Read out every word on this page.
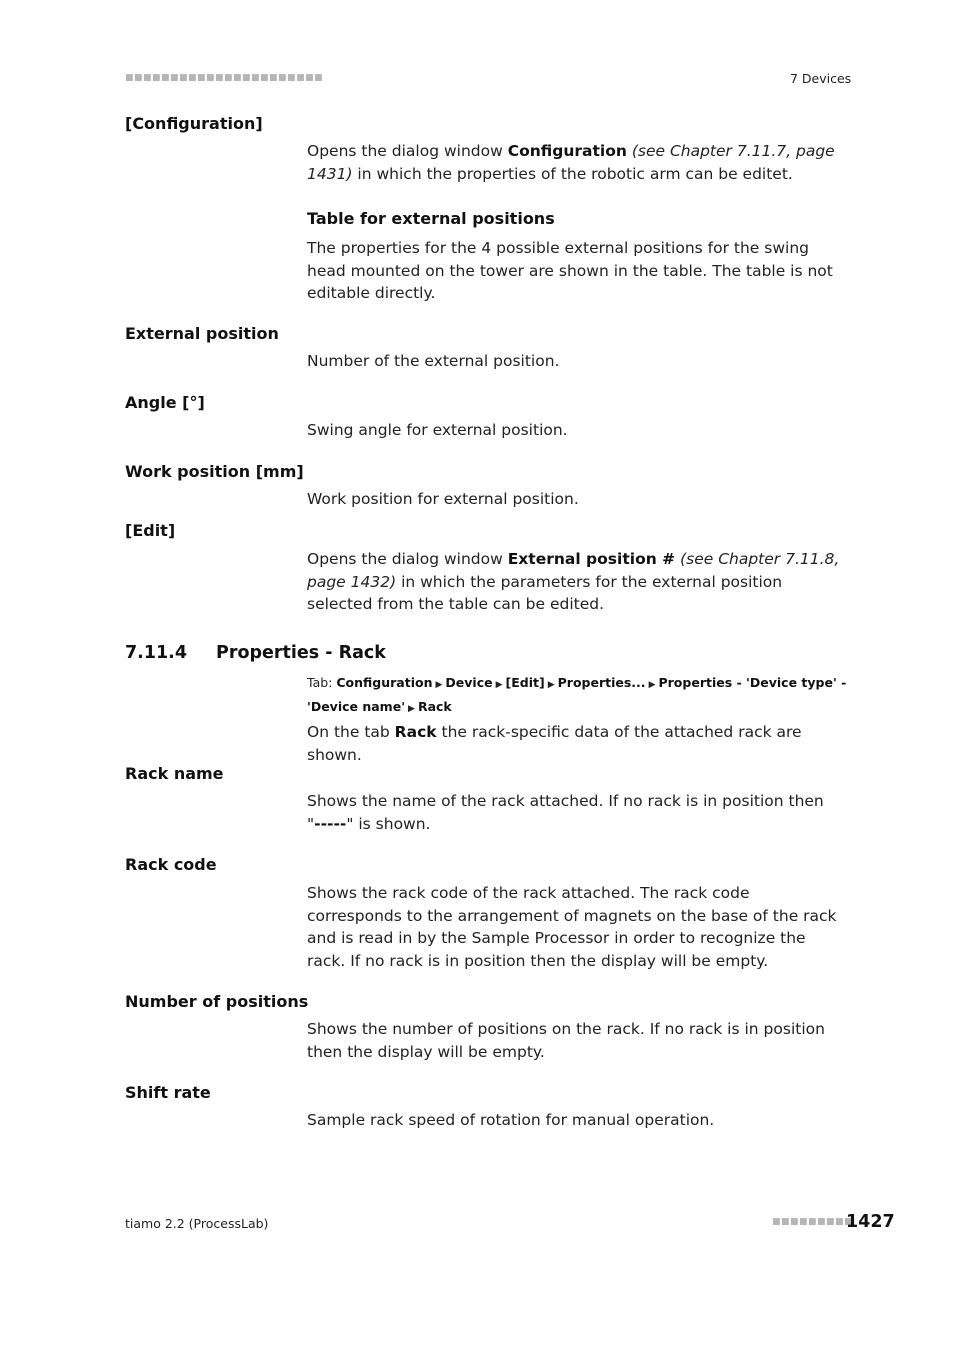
■■■■■■■■■■■■■■■■■■■■■■	7 Devices
[Configuration]
Opens the dialog window Configuration (see Chapter 7.11.7, page 1431) in which the properties of the robotic arm can be editet.
Table for external positions
The properties for the 4 possible external positions for the swing head mounted on the tower are shown in the table. The table is not editable directly.
External position
Number of the external position.
Angle [°]
Swing angle for external position.
Work position [mm]
Work position for external position.
[Edit]
Opens the dialog window External position # (see Chapter 7.11.8, page 1432) in which the parameters for the external position selected from the table can be edited.
7.11.4 Properties - Rack
Tab: Configuration ▶ Device ▶ [Edit] ▶ Properties... ▶ Properties - 'Device type' - 'Device name' ▶ Rack
On the tab Rack the rack-specific data of the attached rack are shown.
Rack name
Shows the name of the rack attached. If no rack is in position then "-----" is shown.
Rack code
Shows the rack code of the rack attached. The rack code corresponds to the arrangement of magnets on the base of the rack and is read in by the Sample Processor in order to recognize the rack. If no rack is in position then the display will be empty.
Number of positions
Shows the number of positions on the rack. If no rack is in position then the display will be empty.
Shift rate
Sample rack speed of rotation for manual operation.
tiamo 2.2 (ProcessLab)	■■■■■■■■■
1427
